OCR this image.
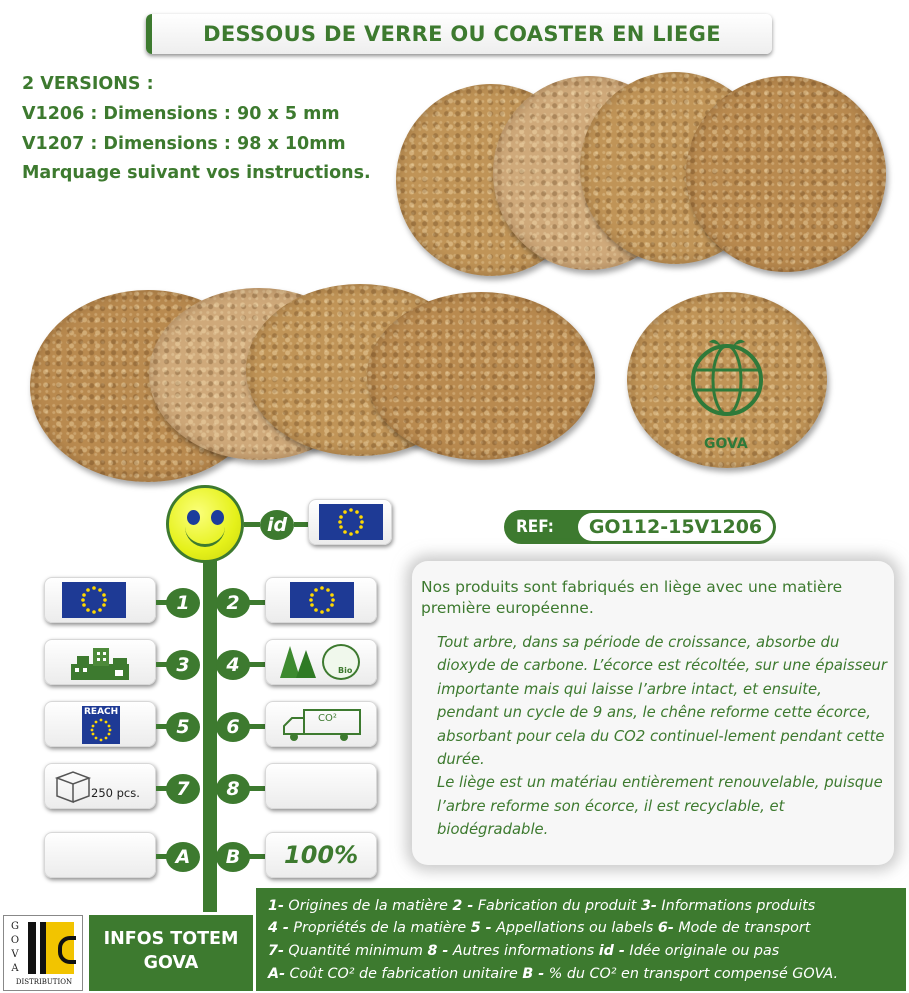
DESSOUS DE VERRE OU COASTER EN LIEGE
2 VERSIONS :
V1206 : Dimensions : 90 x 5 mm
V1207 : Dimensions : 98 x 10mm
Marquage suivant vos instructions.
GOVA
REF:	GO112-15V1206
Nos produits sont fabriqués en liège avec une matière première européenne.
Tout arbre, dans sa période de croissance, absorbe du dioxyde de carbone. L’écorce est récoltée, sur une épaisseur importante mais qui laisse l’arbre intact, et ensuite, pendant un cycle de 9 ans, le chêne reforme cette écorce, absorbant pour cela du CO2 continuel-lement pendant cette durée.
Le liège est un matériau entièrement renouvelable, puisque l’arbre reforme son écorce, il est recyclable, et biodégradable.
id
1	2
3	4	Bio
REACH
5	6	CO²
250 pcs.	7	8
A	B	100%
1- Origines de la matière 2 - Fabrication du produit 3- Informations produits
4 - Propriétés de la matière 5 - Appellations ou labels 6- Mode de transport
7- Quantité minimum 8 - Autres informations id - Idée originale ou pas
A- Coût CO² de fabrication unitaire B - % du CO² en transport compensé GOVA.
INFOS TOTEM
GOVA
G
O
V
A
DISTRIBUTION
